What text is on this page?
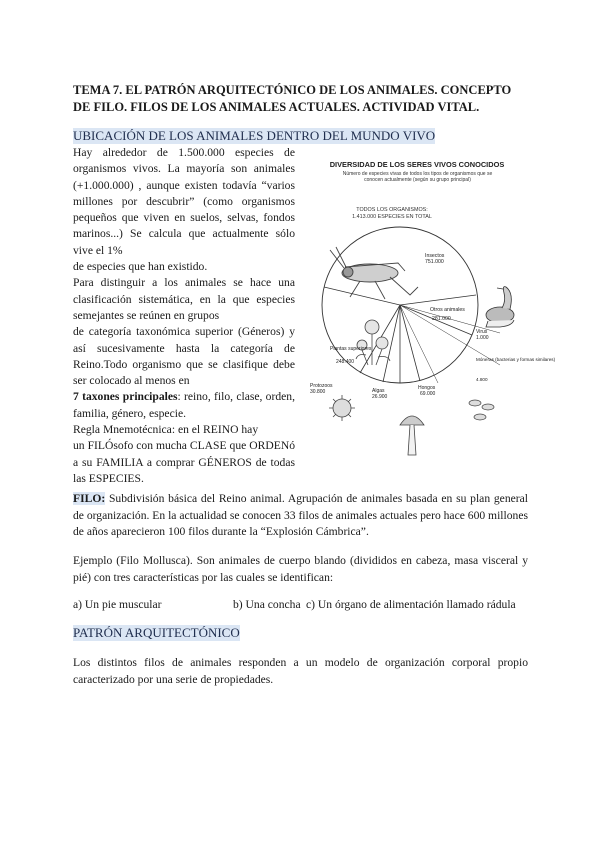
TEMA 7. EL PATRÓN ARQUITECTÓNICO DE LOS ANIMALES. CONCEPTO DE FILO. FILOS DE LOS ANIMALES ACTUALES. ACTIVIDAD VITAL.
UBICACIÓN DE LOS ANIMALES DENTRO DEL MUNDO VIVO

Hay alrededor de 1.500.000 especies de organismos vivos. La mayoría son animales (+1.000.000) , aunque existen todavía “varios millones por descubrir” (como organismos pequeños que viven en suelos, selvas, fondos marinos...) Se calcula que actualmente sólo vive el 1%

de especies que han existido.

Para distinguir a los animales se hace una clasificación sistemática, en la que especies semejantes se reúnen en grupos

de categoría taxonómica superior (Géneros) y así sucesivamente hasta la categoría de Reino.Todo organismo que se clasifique debe ser colocado al menos en

7 taxones principales: reino, filo, clase, orden, familia, género, especie.

Regla Mnemotécnica: en el REINO hay

un FILÓsofo con mucha CLASE que ORDENó a su FAMILIA a comprar GÉNEROS de todas las ESPECIES.

DIVERSIDAD DE LOS SERES VIVOS CONOCIDOS
Número de especies vivas de todos los tipos de organismos que se conocen actualmente (según su grupo principal)
TODOS LOS ORGANISMOS:
1.413.000 ESPECIES EN TOTAL
Insectos
751.000
Otros animales
281.000
Plantas superiores
248.400
Protozoos
30.800	Algas
26.900
Hongos
69.000
Móneras (bacterias y formas similares)
4.800
Virus
1.000
FILO: Subdivisión básica del Reino animal. Agrupación de animales basada en su plan general de organización. En la actualidad se conocen 33 filos de animales actuales pero hace 600 millones de años aparecieron 100 filos durante la “Explosión Cámbrica”.
Ejemplo (Filo Mollusca). Son animales de cuerpo blando (divididos en cabeza, masa visceral y pié) con tres características por las cuales se identifican:
a) Un pie muscular	b) Una concha c) Un órgano de alimentación llamado rádula
PATRÓN ARQUITECTÓNICO
Los distintos filos de animales responden a un modelo de organización corporal propio caracterizado por una serie de propiedades.
